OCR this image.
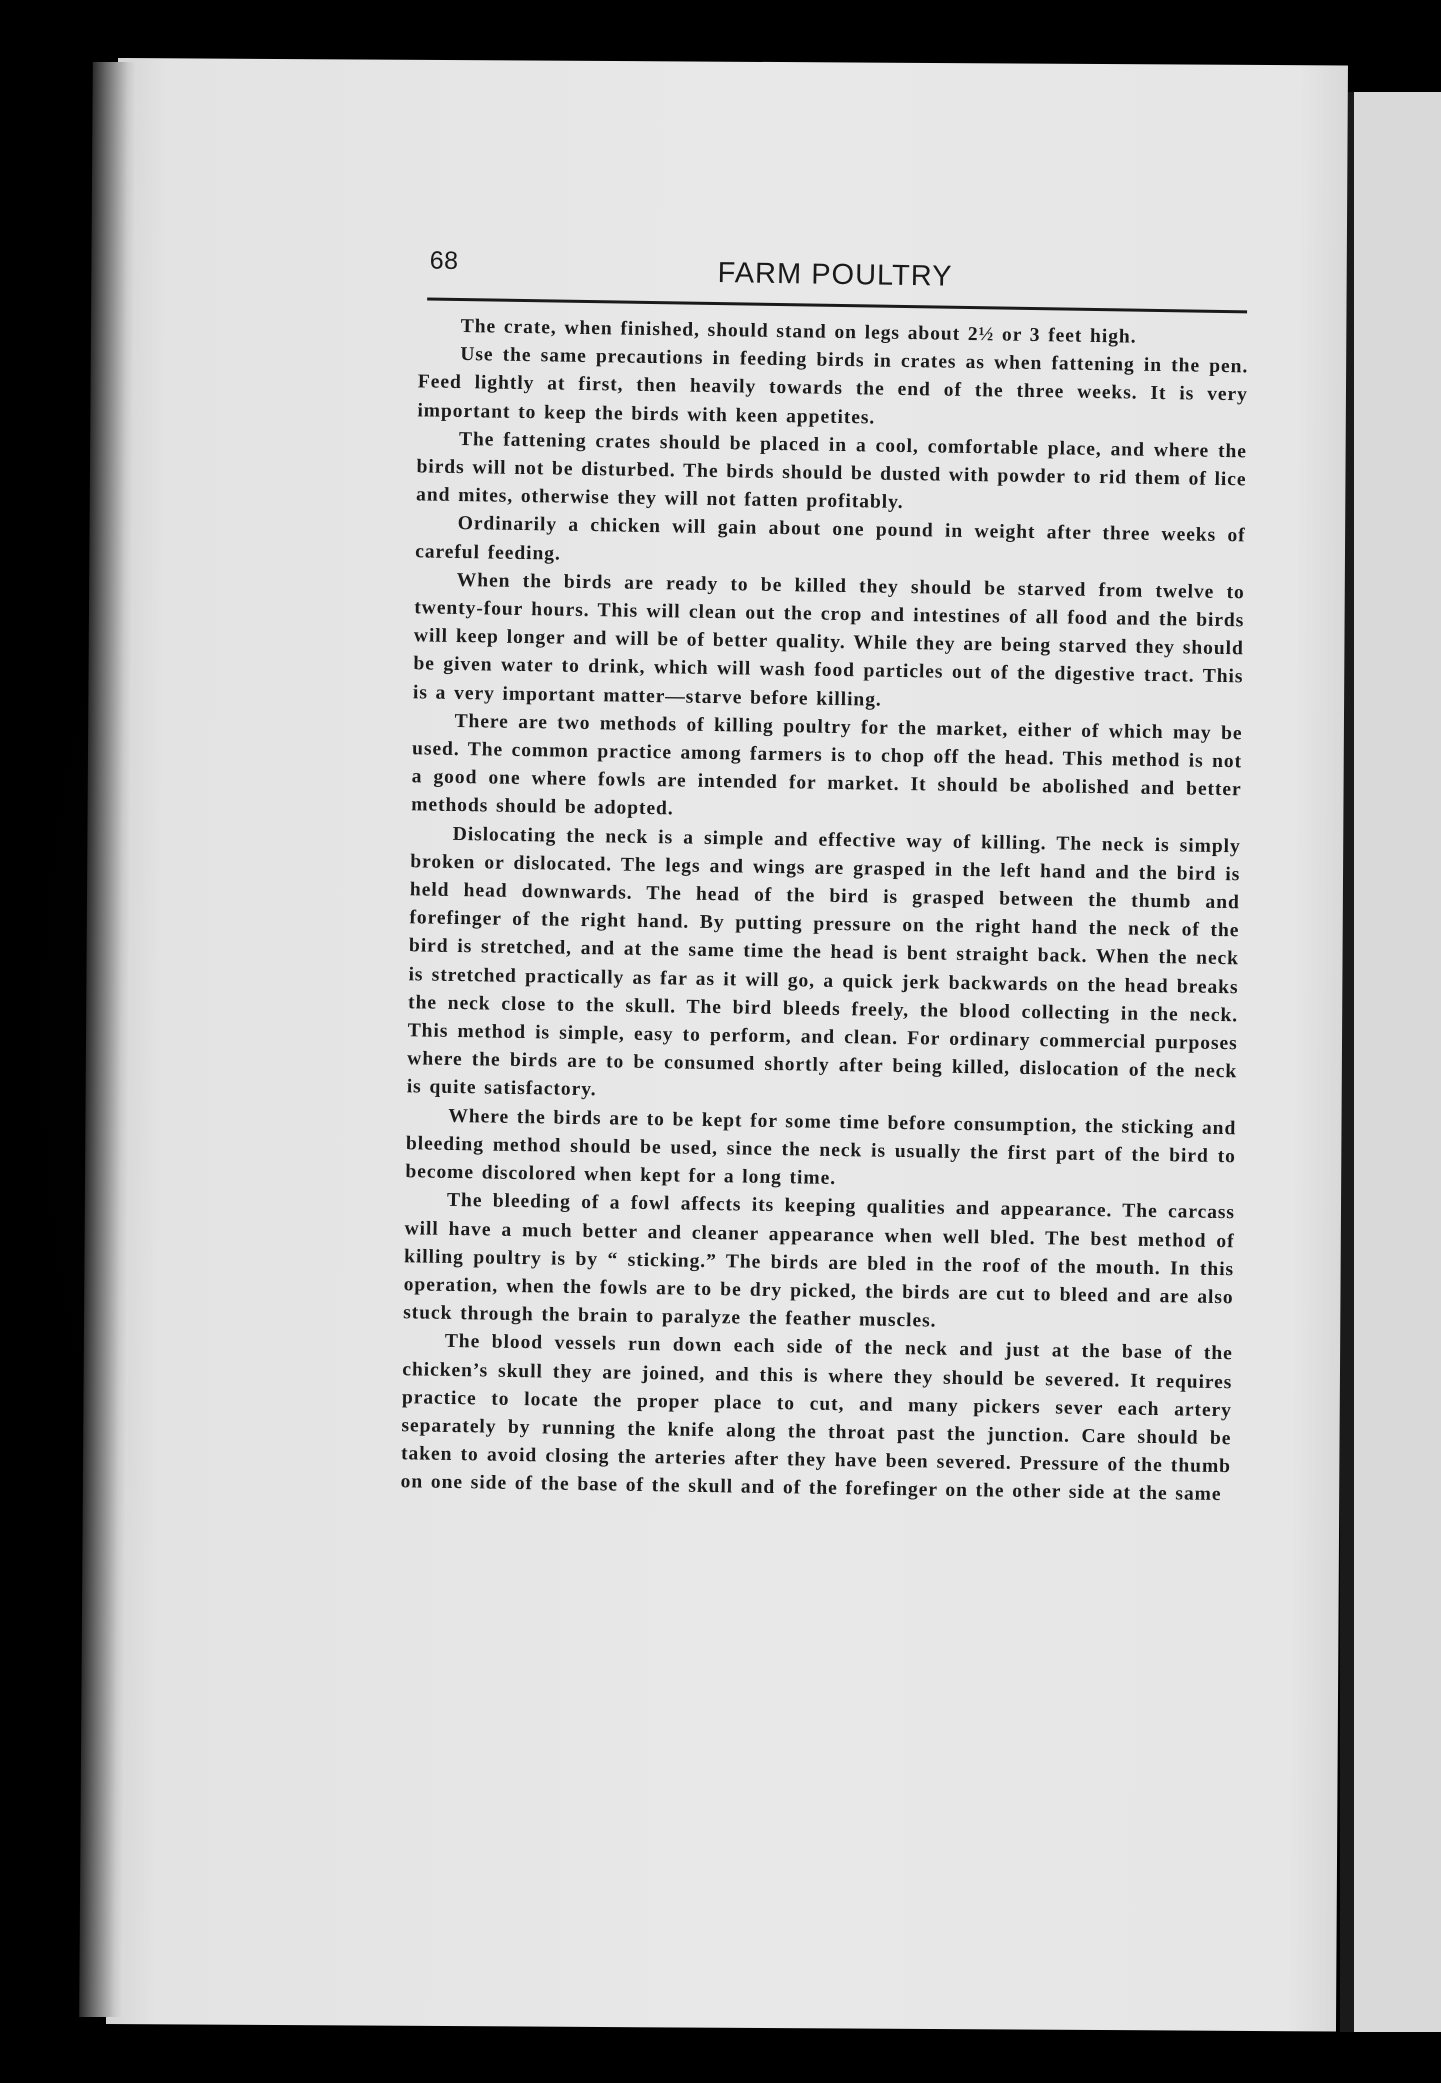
68	FARM POULTRY

The crate, when finished, should stand on legs about 2½ or 3 feet high.

Use the same precautions in feeding birds in crates as when fattening in the pen. Feed lightly at first, then heavily towards the end of the three weeks. It is very important to keep the birds with keen appetites.

The fattening crates should be placed in a cool, comfortable place, and where the birds will not be disturbed. The birds should be dusted with powder to rid them of lice and mites, otherwise they will not fatten profitably.

Ordinarily a chicken will gain about one pound in weight after three weeks of careful feeding.

When the birds are ready to be killed they should be starved from twelve to twenty-four hours. This will clean out the crop and intestines of all food and the birds will keep longer and will be of better quality. While they are being starved they should be given water to drink, which will wash food particles out of the digestive tract. This is a very important matter—starve before killing.

There are two methods of killing poultry for the market, either of which may be used. The common practice among farmers is to chop off the head. This method is not a good one where fowls are intended for market. It should be abolished and better methods should be adopted.

Dislocating the neck is a simple and effective way of killing. The neck is simply broken or dislocated. The legs and wings are grasped in the left hand and the bird is held head downwards. The head of the bird is grasped between the thumb and forefinger of the right hand. By putting pressure on the right hand the neck of the bird is stretched, and at the same time the head is bent straight back. When the neck is stretched practically as far as it will go, a quick jerk backwards on the head breaks the neck close to the skull. The bird bleeds freely, the blood collecting in the neck. This method is simple, easy to perform, and clean. For ordinary commercial purposes where the birds are to be consumed shortly after being killed, dislocation of the neck is quite satisfactory.

Where the birds are to be kept for some time before consumption, the sticking and bleeding method should be used, since the neck is usually the first part of the bird to become discolored when kept for a long time.

The bleeding of a fowl affects its keeping qualities and appearance. The carcass will have a much better and cleaner appearance when well bled. The best method of killing poultry is by “ sticking.” The birds are bled in the roof of the mouth. In this operation, when the fowls are to be dry picked, the birds are cut to bleed and are also stuck through the brain to paralyze the feather muscles.

The blood vessels run down each side of the neck and just at the base of the chicken’s skull they are joined, and this is where they should be severed. It requires practice to locate the proper place to cut, and many pickers sever each artery separately by running the knife along the throat past the junction. Care should be taken to avoid closing the arteries after they have been severed. Pressure of the thumb on one side of the base of the skull and of the forefinger on the other side at the same
